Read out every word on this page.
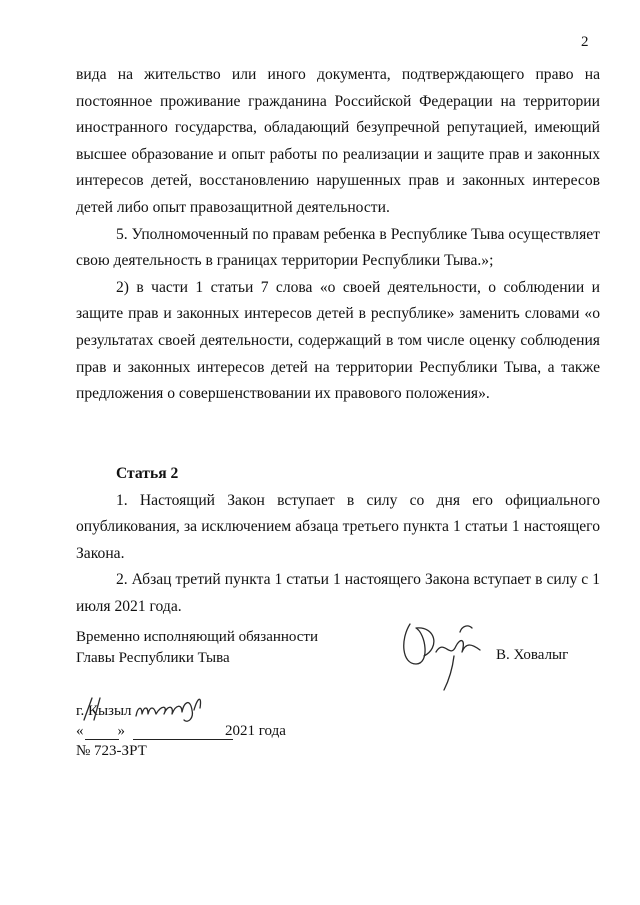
2

вида на жительство или иного документа, подтверждающего право на постоянное проживание гражданина Российской Федерации на территории иностранного государства, обладающий безупречной репутацией, имеющий высшее образование и опыт работы по реализации и защите прав и законных интересов детей, восстановлению нарушенных прав и законных интересов детей либо опыт правозащитной деятельности.

5. Уполномоченный по правам ребенка в Республике Тыва осуществляет свою деятельность в границах территории Республики Тыва.»;

2) в части 1 статьи 7 слова «о своей деятельности, о соблюдении и защите прав и законных интересов детей в республике» заменить словами «о результатах своей деятельности, содержащий в том числе оценку соблюдения прав и законных интересов детей на территории Республики Тыва, а также предложения о совершенствовании их правового положения».

Статья 2

1. Настоящий Закон вступает в силу со дня его официального опубликования, за исключением абзаца третьего пункта 1 статьи 1 настоящего Закона.

2. Абзац третий пункта 1 статьи 1 настоящего Закона вступает в силу с 1 июля 2021 года.

Временно исполняющий обязанности
Главы Республики Тыва	В. Ховалыг
г. Кызыл
« »	2021 года
№ 723-ЗРТ
